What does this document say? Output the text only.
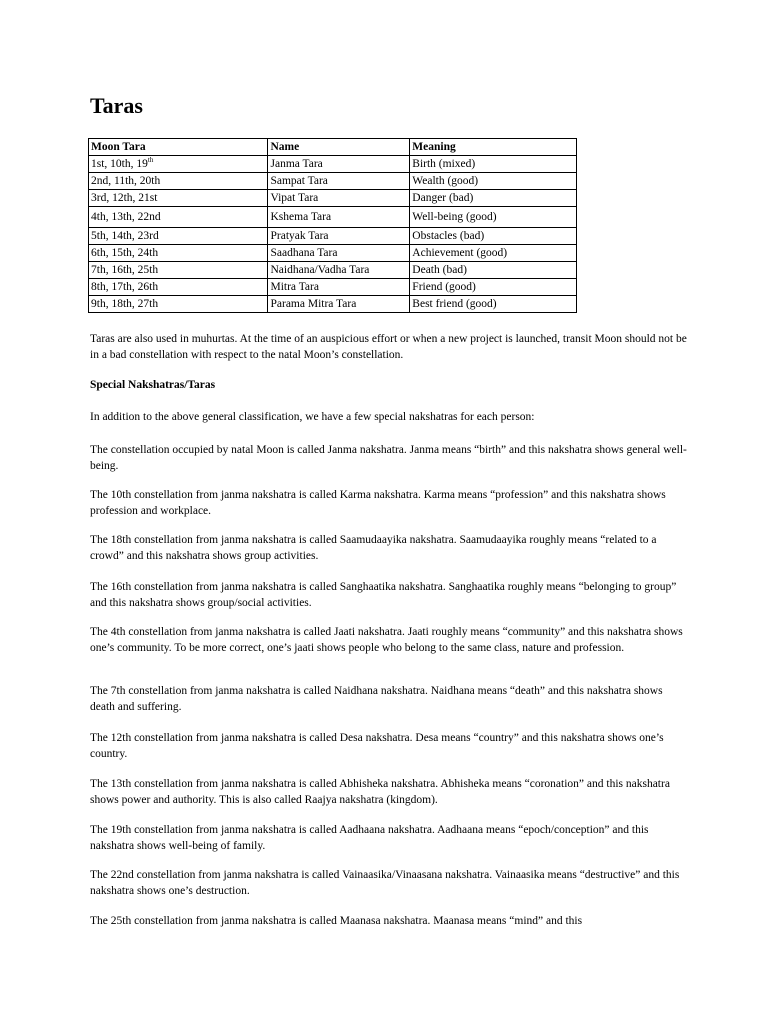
Taras
Moon Tara	Name	Meaning
1st, 10th, 19th	Janma Tara	Birth (mixed)
2nd, 11th, 20th	Sampat Tara	Wealth (good)
3rd, 12th, 21st	Vipat Tara	Danger (bad)
4th, 13th, 22nd	Kshema Tara	Well-being (good)
5th, 14th, 23rd	Pratyak Tara	Obstacles (bad)
6th, 15th, 24th	Saadhana Tara	Achievement (good)
7th, 16th, 25th	Naidhana/Vadha Tara	Death (bad)
8th, 17th, 26th	Mitra Tara	Friend (good)
9th, 18th, 27th	Parama Mitra Tara	Best friend (good)

Taras are also used in muhurtas. At the time of an auspicious effort or when a new project is launched, transit Moon should not be in a bad constellation with respect to the natal Moon’s constellation.

Special Nakshatras/Taras

In addition to the above general classification, we have a few special nakshatras for each person:

The constellation occupied by natal Moon is called Janma nakshatra. Janma means “birth” and this nakshatra shows general well-being.

The 10th constellation from janma nakshatra is called Karma nakshatra. Karma means “profession” and this nakshatra shows profession and workplace.

The 18th constellation from janma nakshatra is called Saamudaayika nakshatra. Saamudaayika roughly means “related to a crowd” and this nakshatra shows group activities.

The 16th constellation from janma nakshatra is called Sanghaatika nakshatra. Sanghaatika roughly means “belonging to group” and this nakshatra shows group/social activities.

The 4th constellation from janma nakshatra is called Jaati nakshatra. Jaati roughly means “community” and this nakshatra shows one’s community. To be more correct, one’s jaati shows people who belong to the same class, nature and profession.

The 7th constellation from janma nakshatra is called Naidhana nakshatra. Naidhana means “death” and this nakshatra shows death and suffering.

The 12th constellation from janma nakshatra is called Desa nakshatra. Desa means “country” and this nakshatra shows one’s country.

The 13th constellation from janma nakshatra is called Abhisheka nakshatra. Abhisheka means “coronation” and this nakshatra shows power and authority. This is also called Raajya nakshatra (kingdom).

The 19th constellation from janma nakshatra is called Aadhaana nakshatra. Aadhaana means “epoch/conception” and this nakshatra shows well-being of family.

The 22nd constellation from janma nakshatra is called Vainaasika/Vinaasana nakshatra. Vainaasika means “destructive” and this nakshatra shows one’s destruction.

The 25th constellation from janma nakshatra is called Maanasa nakshatra. Maanasa means “mind” and this
